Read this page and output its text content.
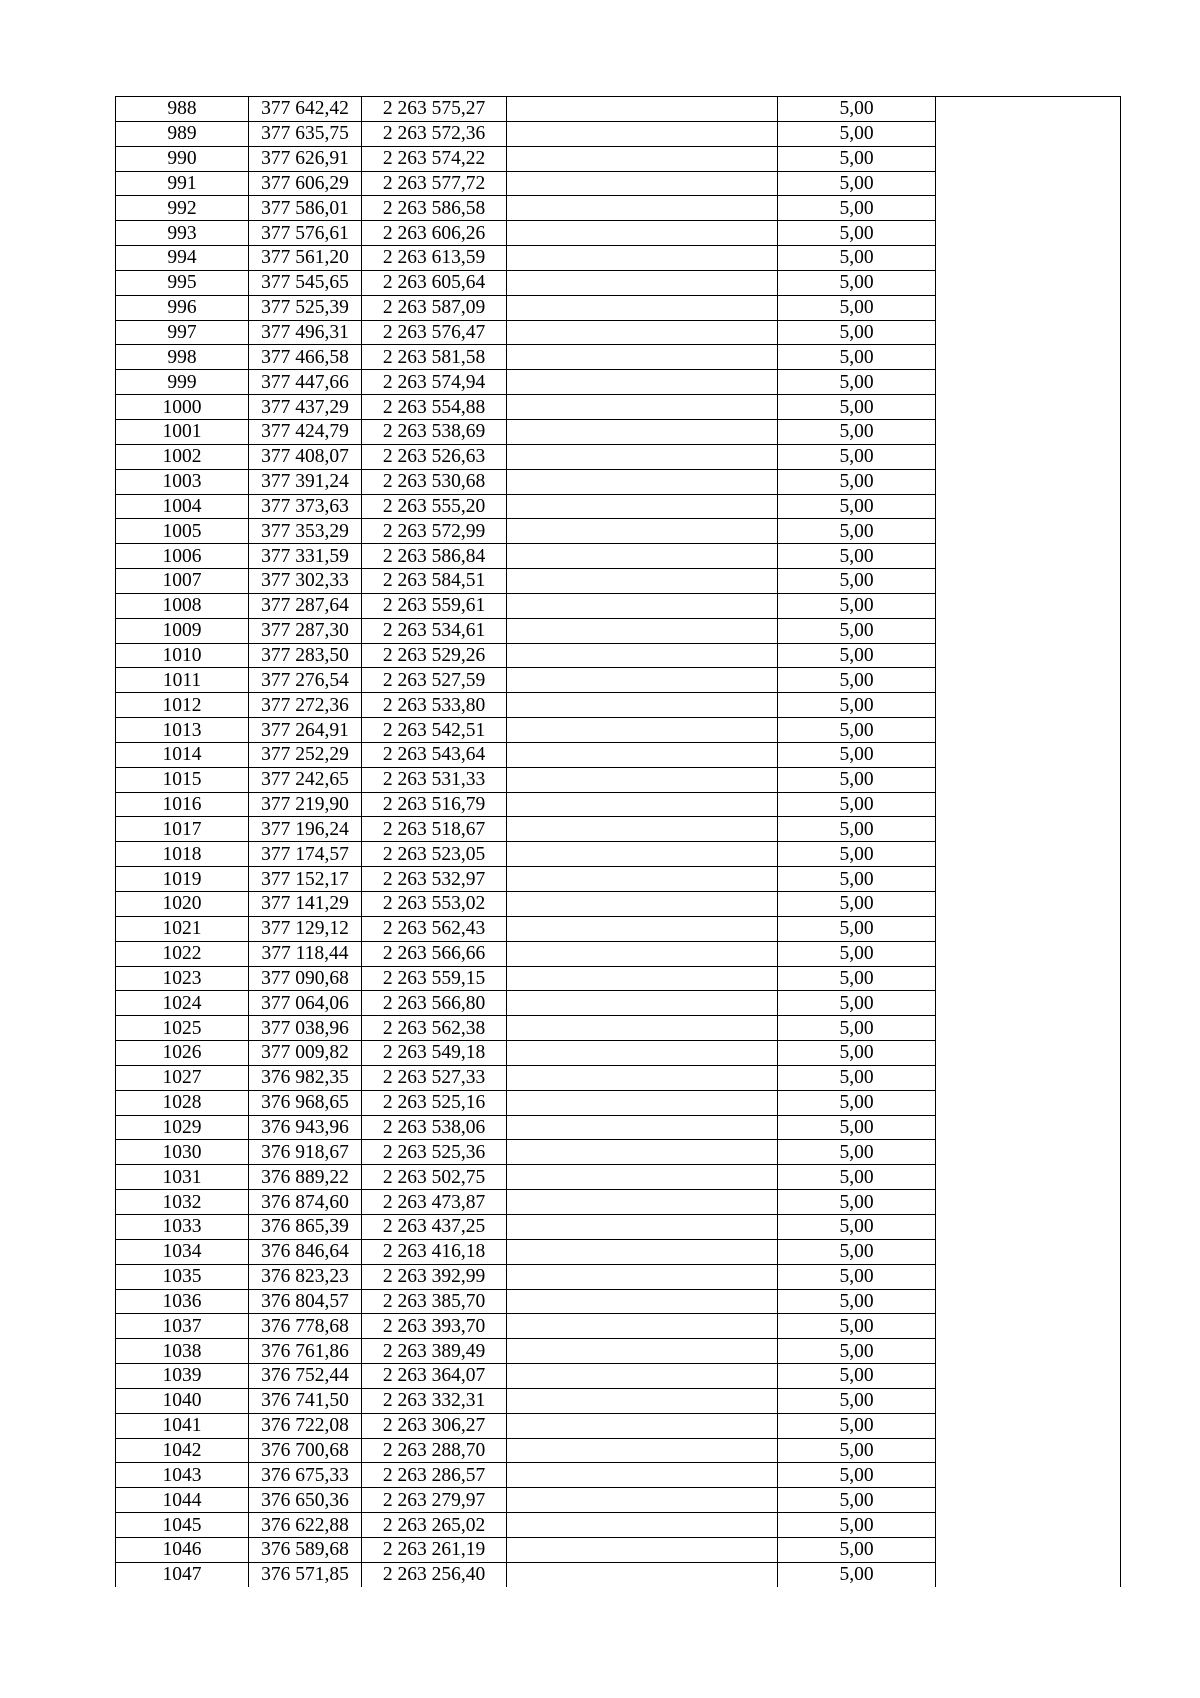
988	377 642,42	2 263 575,27		5,00	
989	377 635,75	2 263 572,36		5,00	
990	377 626,91	2 263 574,22		5,00	
991	377 606,29	2 263 577,72		5,00	
992	377 586,01	2 263 586,58		5,00	
993	377 576,61	2 263 606,26		5,00	
994	377 561,20	2 263 613,59		5,00	
995	377 545,65	2 263 605,64		5,00	
996	377 525,39	2 263 587,09		5,00	
997	377 496,31	2 263 576,47		5,00	
998	377 466,58	2 263 581,58		5,00	
999	377 447,66	2 263 574,94		5,00	
1000	377 437,29	2 263 554,88		5,00	
1001	377 424,79	2 263 538,69		5,00	
1002	377 408,07	2 263 526,63		5,00	
1003	377 391,24	2 263 530,68		5,00	
1004	377 373,63	2 263 555,20		5,00	
1005	377 353,29	2 263 572,99		5,00	
1006	377 331,59	2 263 586,84		5,00	
1007	377 302,33	2 263 584,51		5,00	
1008	377 287,64	2 263 559,61		5,00	
1009	377 287,30	2 263 534,61		5,00	
1010	377 283,50	2 263 529,26		5,00	
1011	377 276,54	2 263 527,59		5,00	
1012	377 272,36	2 263 533,80		5,00	
1013	377 264,91	2 263 542,51		5,00	
1014	377 252,29	2 263 543,64		5,00	
1015	377 242,65	2 263 531,33		5,00	
1016	377 219,90	2 263 516,79		5,00	
1017	377 196,24	2 263 518,67		5,00	
1018	377 174,57	2 263 523,05		5,00	
1019	377 152,17	2 263 532,97		5,00	
1020	377 141,29	2 263 553,02		5,00	
1021	377 129,12	2 263 562,43		5,00	
1022	377 118,44	2 263 566,66		5,00	
1023	377 090,68	2 263 559,15		5,00	
1024	377 064,06	2 263 566,80		5,00	
1025	377 038,96	2 263 562,38		5,00	
1026	377 009,82	2 263 549,18		5,00	
1027	376 982,35	2 263 527,33		5,00	
1028	376 968,65	2 263 525,16		5,00	
1029	376 943,96	2 263 538,06		5,00	
1030	376 918,67	2 263 525,36		5,00	
1031	376 889,22	2 263 502,75		5,00	
1032	376 874,60	2 263 473,87		5,00	
1033	376 865,39	2 263 437,25		5,00	
1034	376 846,64	2 263 416,18		5,00	
1035	376 823,23	2 263 392,99		5,00	
1036	376 804,57	2 263 385,70		5,00	
1037	376 778,68	2 263 393,70		5,00	
1038	376 761,86	2 263 389,49		5,00	
1039	376 752,44	2 263 364,07		5,00	
1040	376 741,50	2 263 332,31		5,00	
1041	376 722,08	2 263 306,27		5,00	
1042	376 700,68	2 263 288,70		5,00	
1043	376 675,33	2 263 286,57		5,00	
1044	376 650,36	2 263 279,97		5,00	
1045	376 622,88	2 263 265,02		5,00	
1046	376 589,68	2 263 261,19		5,00	
1047	376 571,85	2 263 256,40		5,00	
